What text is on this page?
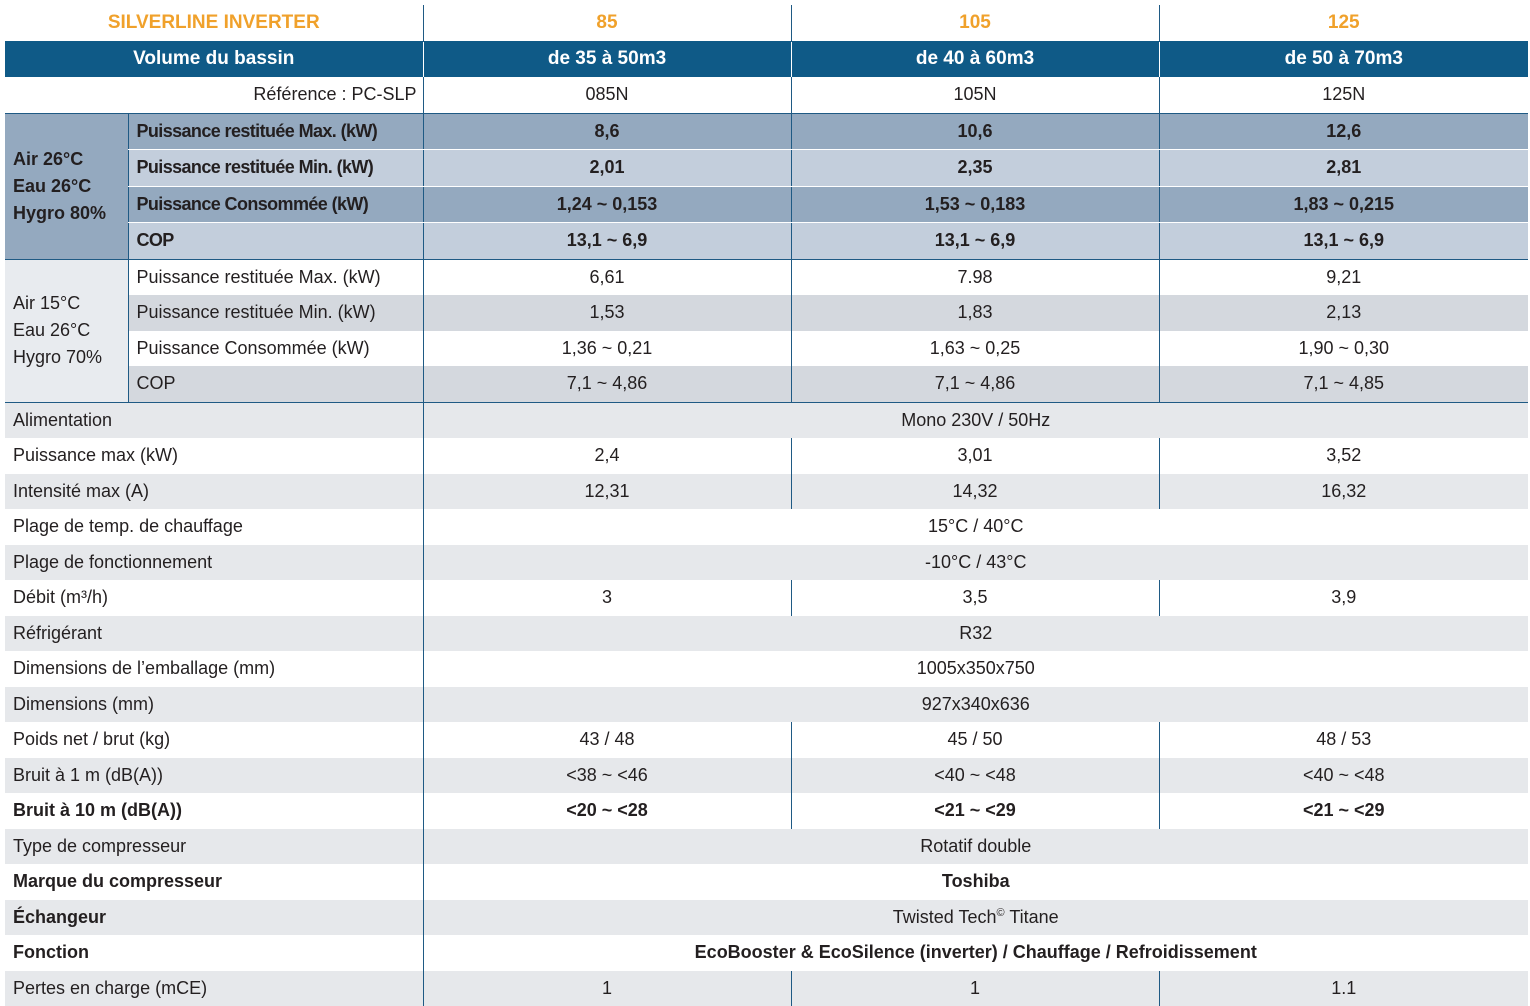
SILVERLINE INVERTER		85	105	125
Volume du bassin		de 35 à 50m3	de 40 à 60m3	de 50 à 70m3
Référence : PC-SLP		085N	105N	125N
Air 26°C
Eau 26°C
Hygro 80%	Puissance restituée Max. (kW)	8,6	10,6	12,6
	Puissance restituée Min. (kW)	2,01	2,35	2,81
	Puissance Consommée (kW)	1,24 ~ 0,153	1,53 ~ 0,183	1,83 ~ 0,215
	COP	13,1 ~ 6,9	13,1 ~ 6,9	13,1 ~ 6,9
Air 15°C
Eau 26°C
Hygro 70%	Puissance restituée Max. (kW)	6,61	7.98	9,21
	Puissance restituée Min. (kW)	1,53	1,83	2,13
	Puissance Consommée (kW)	1,36 ~ 0,21	1,63 ~ 0,25	1,90 ~ 0,30
	COP	7,1 ~ 4,86	7,1 ~ 4,86	7,1 ~ 4,85
Alimentation		Mono 230V / 50Hz		
Puissance max (kW)		2,4	3,01	3,52
Intensité max (A)		12,31	14,32	16,32
Plage de temp. de chauffage		15°C / 40°C		
Plage de fonctionnement		-10°C / 43°C		
Débit (m³/h)		3	3,5	3,9
Réfrigérant		R32		
Dimensions de l’emballage (mm)		1005x350x750		
Dimensions (mm)		927x340x636		
Poids net / brut (kg)		43 / 48	45 / 50	48 / 53
Bruit à 1 m (dB(A))		<38 ~ <46	<40 ~ <48	<40 ~ <48
Bruit à 10 m (dB(A))		<20 ~ <28	<21 ~ <29	<21 ~ <29
Type de compresseur		Rotatif double		
Marque du compresseur		Toshiba		
Échangeur		Twisted Tech© Titane		
Fonction		EcoBooster & EcoSilence (inverter) / Chauffage / Refroidissement		
Pertes en charge (mCE)		1	1	1.1
